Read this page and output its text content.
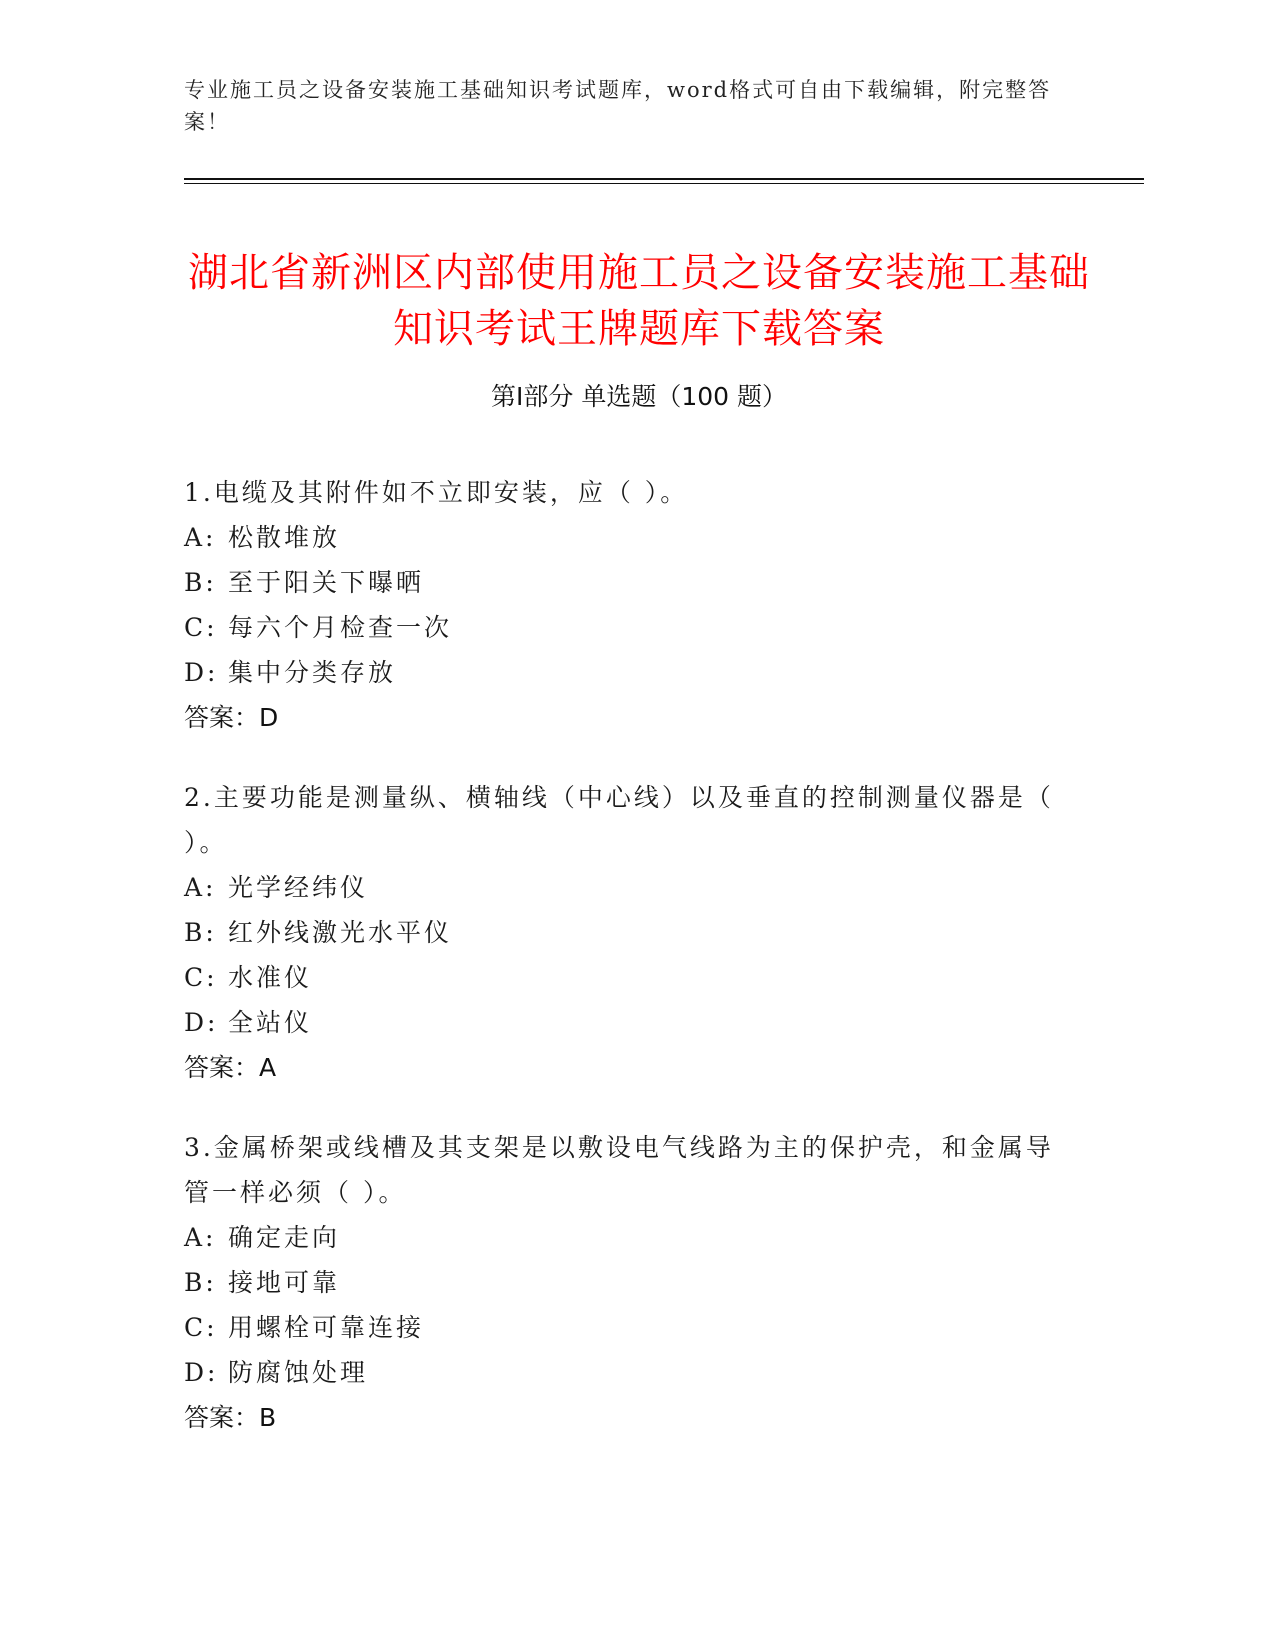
专业施工员之设备安装施工基础知识考试题库，word格式可自由下载编辑，附完整答案！
湖北省新洲区内部使用施工员之设备安装施工基础知识考试王牌题库下载答案
第Ⅰ部分 单选题（100 题）
1.电缆及其附件如不立即安装，应（ ）。
A: 松散堆放
B: 至于阳关下曝晒
C: 每六个月检查一次
D: 集中分类存放
答案：D
2.主要功能是测量纵、横轴线（中心线）以及垂直的控制测量仪器是（ ）。
A: 光学经纬仪
B: 红外线激光水平仪
C: 水准仪
D: 全站仪
答案：A
3.金属桥架或线槽及其支架是以敷设电气线路为主的保护壳，和金属导管一样必须（ ）。
A: 确定走向
B: 接地可靠
C: 用螺栓可靠连接
D: 防腐蚀处理
答案：B
